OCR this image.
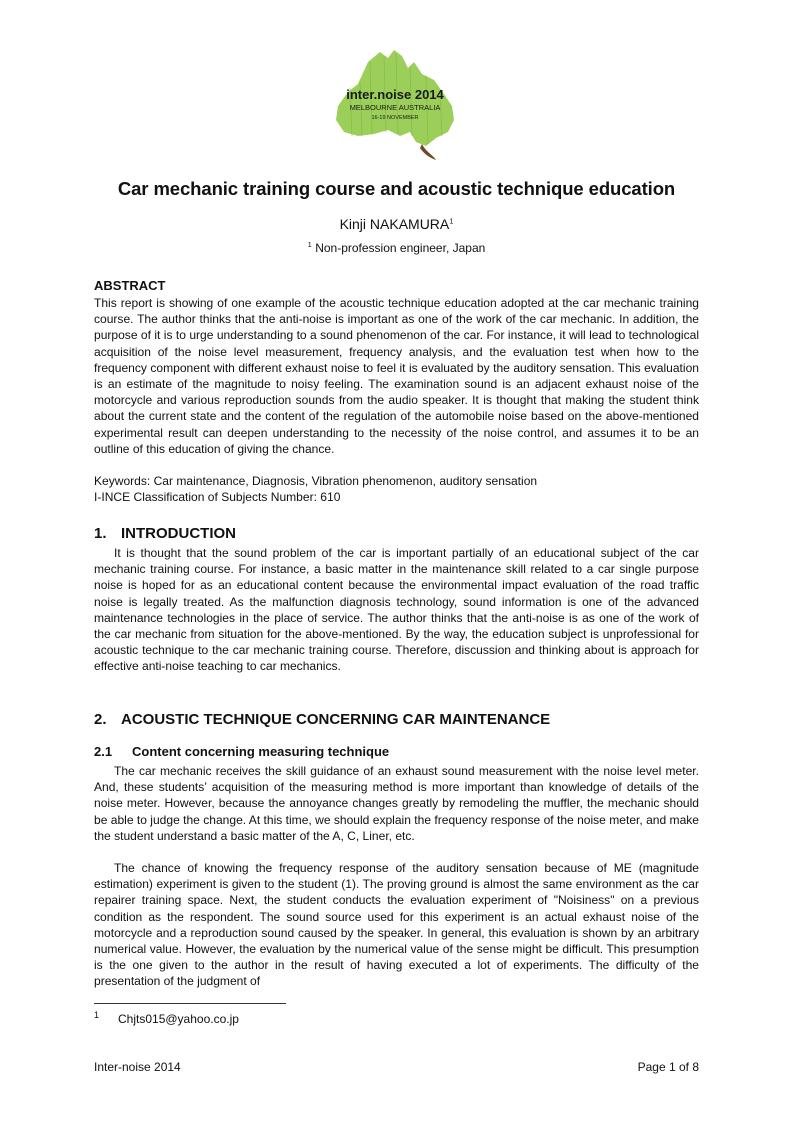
inter.noise 2014
MELBOURNE AUSTRALIA
16-19 NOVEMBER
Car mechanic training course and acoustic technique education
Kinji NAKAMURA$^1$
$^1$ Non-profession engineer, Japan
ABSTRACT

This report is showing of one example of the acoustic technique education adopted at the car mechanic training course. The author thinks that the anti-noise is important as one of the work of the car mechanic. In addition, the purpose of it is to urge understanding to a sound phenomenon of the car. For instance, it will lead to technological acquisition of the noise level measurement, frequency analysis, and the evaluation test when how to the frequency component with different exhaust noise to feel it is evaluated by the auditory sensation. This evaluation is an estimate of the magnitude to noisy feeling. The examination sound is an adjacent exhaust noise of the motorcycle and various reproduction sounds from the audio speaker. It is thought that making the student think about the current state and the content of the regulation of the automobile noise based on the above-mentioned experimental result can deepen understanding to the necessity of the noise control, and assumes it to be an outline of this education of giving the chance.

Keywords: Car maintenance, Diagnosis, Vibration phenomenon, auditory sensation
I-INCE Classification of Subjects Number: 610
1. INTRODUCTION

It is thought that the sound problem of the car is important partially of an educational subject of the car mechanic training course. For instance, a basic matter in the maintenance skill related to a car single purpose noise is hoped for as an educational content because the environmental impact evaluation of the road traffic noise is legally treated. As the malfunction diagnosis technology, sound information is one of the advanced maintenance technologies in the place of service. The author thinks that the anti-noise is as one of the work of the car mechanic from situation for the above-mentioned. By the way, the education subject is unprofessional for acoustic technique to the car mechanic training course. Therefore, discussion and thinking about is approach for effective anti-noise teaching to car mechanics.

2. ACOUSTIC TECHNIQUE CONCERNING CAR MAINTENANCE
2.1 Content concerning measuring technique

The car mechanic receives the skill guidance of an exhaust sound measurement with the noise level meter. And, these students’ acquisition of the measuring method is more important than knowledge of details of the noise meter. However, because the annoyance changes greatly by remodeling the muffler, the mechanic should be able to judge the change. At this time, we should explain the frequency response of the noise meter, and make the student understand a basic matter of the A, C, Liner, etc.

The chance of knowing the frequency response of the auditory sensation because of ME (magnitude estimation) experiment is given to the student (1). The proving ground is almost the same environment as the car repairer training space. Next, the student conducts the evaluation experiment of "Noisiness" on a previous condition as the respondent. The sound source used for this experiment is an actual exhaust noise of the motorcycle and a reproduction sound caused by the speaker. In general, this evaluation is shown by an arbitrary numerical value. However, the evaluation by the numerical value of the sense might be difficult. This presumption is the one given to the author in the result of having executed a lot of experiments. The difficulty of the presentation of the judgment of

1 Chjts015@yahoo.co.jp
Inter-noise 2014	Page 1 of 8
